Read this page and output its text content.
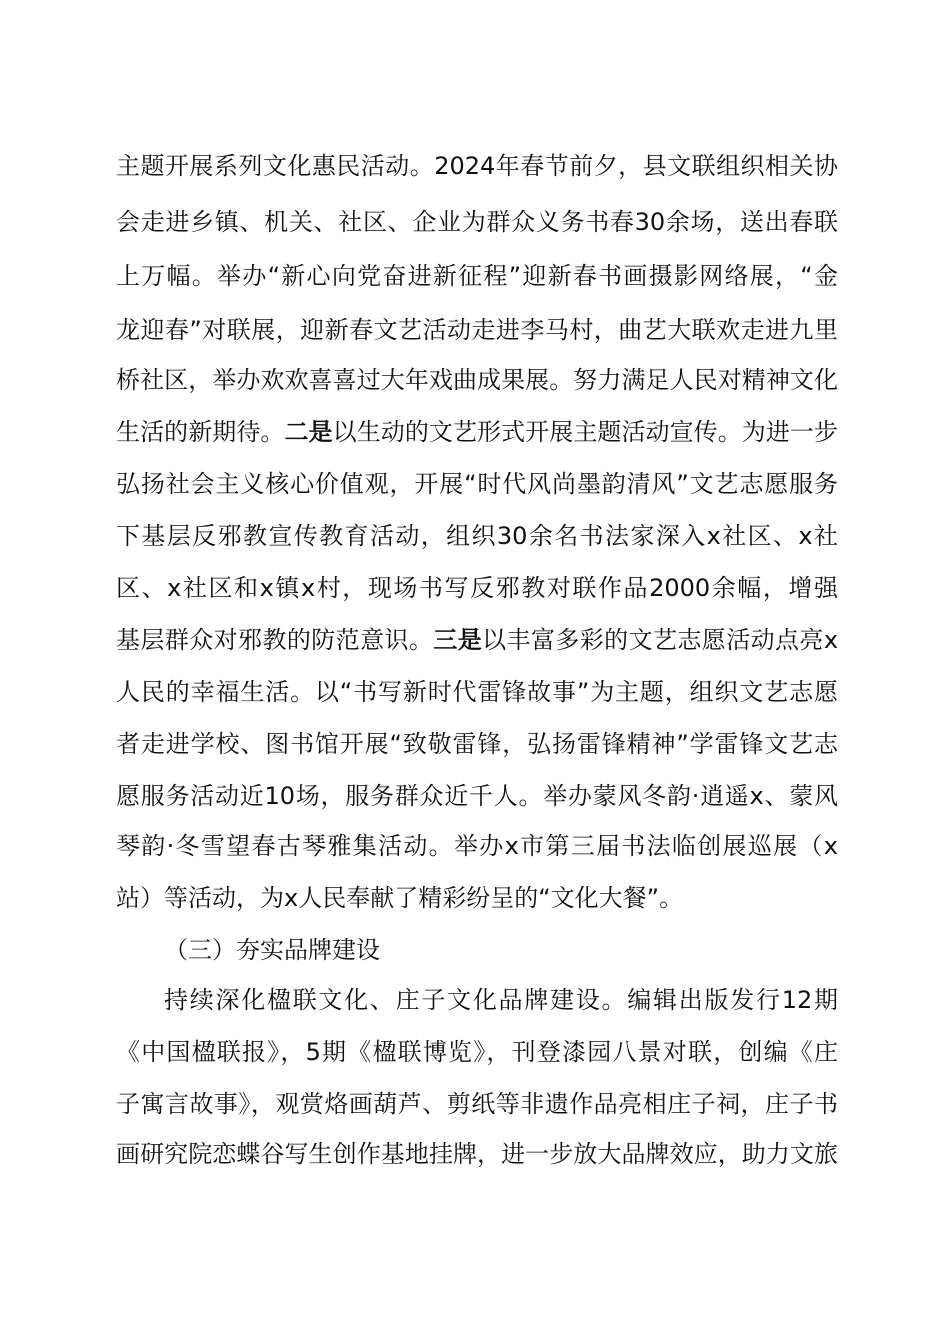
主题开展系列文化惠民活动。2024年春节前夕，县文联组织相关协
会走进乡镇、机关、社区、企业为群众义务书春30余场，送出春联
上万幅。举办“新心向党奋进新征程”迎新春书画摄影网络展，“金
龙迎春”对联展，迎新春文艺活动走进李马村，曲艺大联欢走进九里
桥社区，举办欢欢喜喜过大年戏曲成果展。努力满足人民对精神文化
生活的新期待。二是以生动的文艺形式开展主题活动宣传。为进一步
弘扬社会主义核心价值观，开展“时代风尚墨韵清风”文艺志愿服务
下基层反邪教宣传教育活动，组织30余名书法家深入x社区、x社
区、x社区和x镇x村，现场书写反邪教对联作品2000余幅，增强
基层群众对邪教的防范意识。三是以丰富多彩的文艺志愿活动点亮x
人民的幸福生活。以“书写新时代雷锋故事”为主题，组织文艺志愿
者走进学校、图书馆开展“致敬雷锋，弘扬雷锋精神”学雷锋文艺志
愿服务活动近10场，服务群众近千人。举办蒙风冬韵·逍遥x、蒙风
琴韵·冬雪望春古琴雅集活动。举办x市第三届书法临创展巡展（x
站）等活动，为x人民奉献了精彩纷呈的“文化大餐”。
（三）夯实品牌建设
持续深化楹联文化、庄子文化品牌建设。编辑出版发行12期
《中国楹联报》，5期《楹联博览》，刊登漆园八景对联，创编《庄
子寓言故事》，观赏烙画葫芦、剪纸等非遗作品亮相庄子祠，庄子书
画研究院恋蝶谷写生创作基地挂牌，进一步放大品牌效应，助力文旅
